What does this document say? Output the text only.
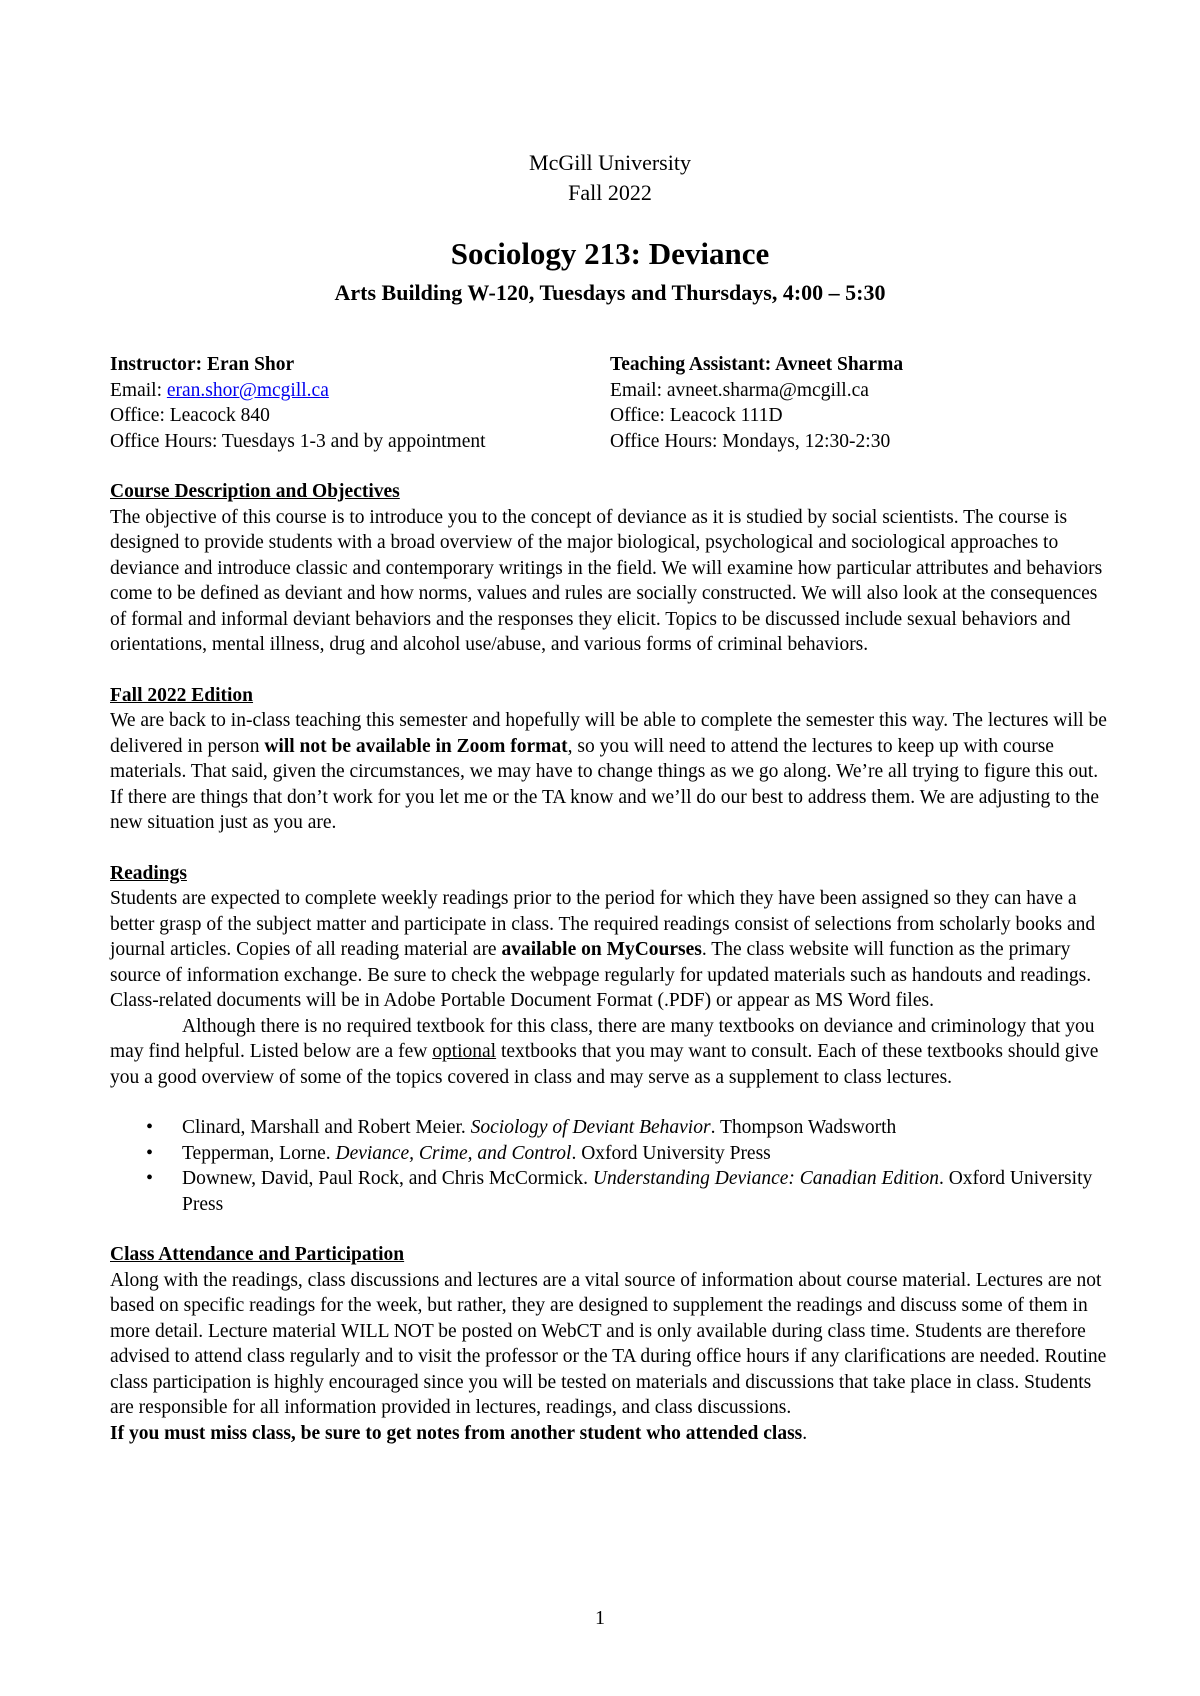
McGill University
Fall 2022
Sociology 213: Deviance
Arts Building W-120, Tuesdays and Thursdays, 4:00 – 5:30
Instructor: Eran Shor
Email: eran.shor@mcgill.ca
Office: Leacock 840
Office Hours: Tuesdays 1-3 and by appointment
Teaching Assistant: Avneet Sharma
Email: avneet.sharma@mcgill.ca
Office: Leacock 111D
Office Hours: Mondays, 12:30-2:30
Course Description and Objectives

The objective of this course is to introduce you to the concept of deviance as it is studied by social scientists. The course is designed to provide students with a broad overview of the major biological, psychological and sociological approaches to deviance and introduce classic and contemporary writings in the field. We will examine how particular attributes and behaviors come to be defined as deviant and how norms, values and rules are socially constructed. We will also look at the consequences of formal and informal deviant behaviors and the responses they elicit. Topics to be discussed include sexual behaviors and orientations, mental illness, drug and alcohol use/abuse, and various forms of criminal behaviors.

Fall 2022 Edition

We are back to in-class teaching this semester and hopefully will be able to complete the semester this way. The lectures will be delivered in person will not be available in Zoom format, so you will need to attend the lectures to keep up with course materials. That said, given the circumstances, we may have to change things as we go along. We’re all trying to figure this out. If there are things that don’t work for you let me or the TA know and we’ll do our best to address them. We are adjusting to the new situation just as you are.

Readings

Students are expected to complete weekly readings prior to the period for which they have been assigned so they can have a better grasp of the subject matter and participate in class. The required readings consist of selections from scholarly books and journal articles. Copies of all reading material are available on MyCourses. The class website will function as the primary source of information exchange. Be sure to check the webpage regularly for updated materials such as handouts and readings. Class-related documents will be in Adobe Portable Document Format (.PDF) or appear as MS Word files.

Although there is no required textbook for this class, there are many textbooks on deviance and criminology that you may find helpful. Listed below are a few optional textbooks that you may want to consult. Each of these textbooks should give you a good overview of some of the topics covered in class and may serve as a supplement to class lectures.

• Clinard, Marshall and Robert Meier. Sociology of Deviant Behavior. Thompson Wadsworth
• Tepperman, Lorne. Deviance, Crime, and Control. Oxford University Press
• Downew, David, Paul Rock, and Chris McCormick. Understanding Deviance: Canadian Edition. Oxford University Press
Class Attendance and Participation

Along with the readings, class discussions and lectures are a vital source of information about course material. Lectures are not based on specific readings for the week, but rather, they are designed to supplement the readings and discuss some of them in more detail. Lecture material WILL NOT be posted on WebCT and is only available during class time. Students are therefore advised to attend class regularly and to visit the professor or the TA during office hours if any clarifications are needed. Routine class participation is highly encouraged since you will be tested on materials and discussions that take place in class. Students are responsible for all information provided in lectures, readings, and class discussions.

If you must miss class, be sure to get notes from another student who attended class.

1
